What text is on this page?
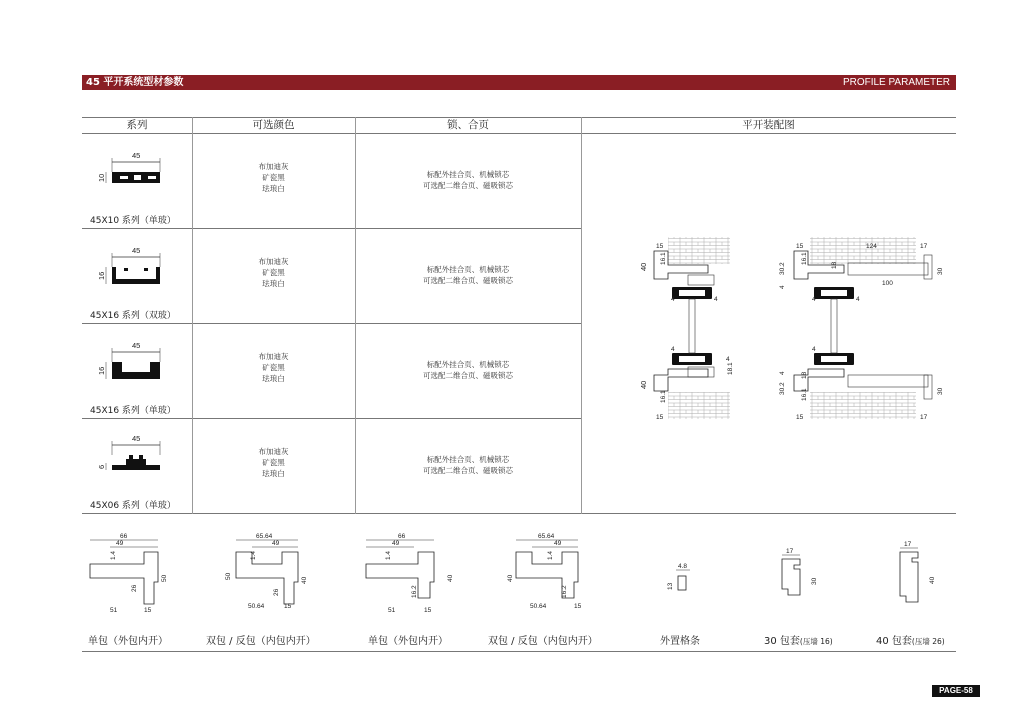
45 平开系统型材参数	PROFILE PARAMETER
系列	可选颜色	锁、合页	平开装配图
45
10
45X10 系列（单玻）
布加迪灰
矿瓷黑
珐琅白
标配外挂合页、机械锁芯
可选配二维合页、磁吸锁芯
45
16
45X16 系列（双玻）
布加迪灰
矿瓷黑
珐琅白
标配外挂合页、机械锁芯
可选配二维合页、磁吸锁芯
45
16
45X16 系列（单玻）
布加迪灰
矿瓷黑
珐琅白
标配外挂合页、机械锁芯
可选配二维合页、磁吸锁芯
45
6
45X06 系列（单玻）
布加迪灰
矿瓷黑
珐琅白
标配外挂合页、机械锁芯
可选配二维合页、磁吸锁芯
15
16.1
40
4	4
4
4
40
18.1
16.1
15
15	124	17
30.2
16.1
18
4
4	4
100
30
4
30.2
4 18
16.1
15	17
30
66
49
1.4
26
50
51	15
65.64
49
1.4
50
26
40
50.64	15
66
49
1.4
40
16.2
51	15
65.64
49
1.4
40
16.2
50.64	15
4.8
13
17
30
17
40
单包（外包内开）	双包 / 反包（内包内开）	单包（外包内开）	双包 / 反包（内包内开）	外置格条	30 包套(压墙 16)	40 包套(压墙 26)
PAGE-58
